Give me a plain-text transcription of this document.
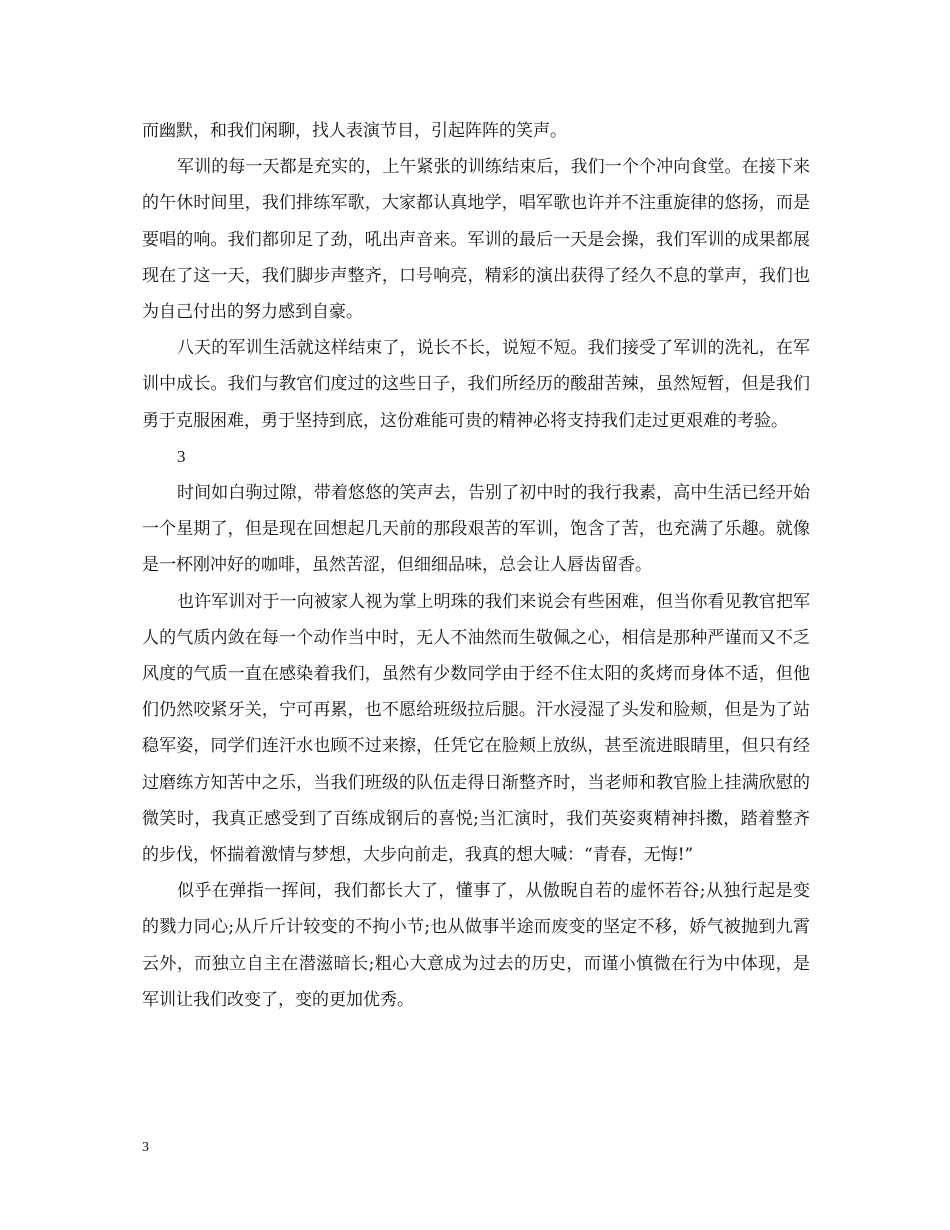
而幽默，和我们闲聊，找人表演节目，引起阵阵的笑声。

军训的每一天都是充实的，上午紧张的训练结束后，我们一个个冲向食堂。在接下来的午休时间里，我们排练军歌，大家都认真地学，唱军歌也许并不注重旋律的悠扬，而是要唱的响。我们都卯足了劲，吼出声音来。军训的最后一天是会操，我们军训的成果都展现在了这一天，我们脚步声整齐，口号响亮，精彩的演出获得了经久不息的掌声，我们也为自己付出的努力感到自豪。

八天的军训生活就这样结束了，说长不长，说短不短。我们接受了军训的洗礼，在军训中成长。我们与教官们度过的这些日子，我们所经历的酸甜苦辣，虽然短暂，但是我们勇于克服困难，勇于坚持到底，这份难能可贵的精神必将支持我们走过更艰难的考验。

3

时间如白驹过隙，带着悠悠的笑声去，告别了初中时的我行我素，高中生活已经开始一个星期了，但是现在回想起几天前的那段艰苦的军训，饱含了苦，也充满了乐趣。就像是一杯刚冲好的咖啡，虽然苦涩，但细细品味，总会让人唇齿留香。

也许军训对于一向被家人视为掌上明珠的我们来说会有些困难，但当你看见教官把军人的气质内敛在每一个动作当中时，无人不油然而生敬佩之心，相信是那种严谨而又不乏风度的气质一直在感染着我们，虽然有少数同学由于经不住太阳的炙烤而身体不适，但他们仍然咬紧牙关，宁可再累，也不愿给班级拉后腿。汗水浸湿了头发和脸颊，但是为了站稳军姿，同学们连汗水也顾不过来擦，任凭它在脸颊上放纵，甚至流进眼睛里，但只有经过磨练方知苦中之乐，当我们班级的队伍走得日渐整齐时，当老师和教官脸上挂满欣慰的微笑时，我真正感受到了百练成钢后的喜悦;当汇演时，我们英姿爽精神抖擞，踏着整齐的步伐，怀揣着激情与梦想，大步向前走，我真的想大喊：“青春，无悔!”

似乎在弹指一挥间，我们都长大了，懂事了，从傲睨自若的虚怀若谷;从独行起是变的戮力同心;从斤斤计较变的不拘小节;也从做事半途而废变的坚定不移，娇气被抛到九霄云外，而独立自主在潜滋暗长;粗心大意成为过去的历史，而谨小慎微在行为中体现，是军训让我们改变了，变的更加优秀。

3
